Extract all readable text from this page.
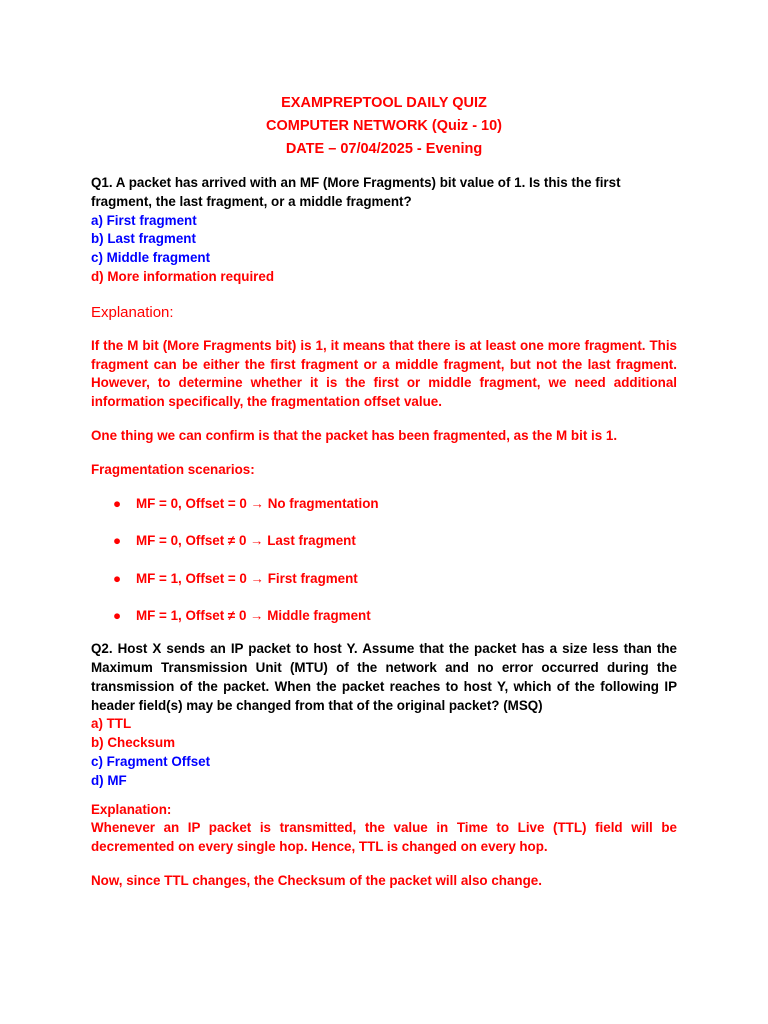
EXAMPREPTOOL DAILY QUIZ
COMPUTER NETWORK (Quiz - 10)
DATE – 07/04/2025 - Evening
Q1. A packet has arrived with an MF (More Fragments) bit value of 1. Is this the first fragment, the last fragment, or a middle fragment?
a) First fragment
b) Last fragment
c) Middle fragment
d) More information required
Explanation:
If the M bit (More Fragments bit) is 1, it means that there is at least one more fragment. This fragment can be either the first fragment or a middle fragment, but not the last fragment. However, to determine whether it is the first or middle fragment, we need additional information specifically, the fragmentation offset value.
One thing we can confirm is that the packet has been fragmented, as the M bit is 1.
Fragmentation scenarios:
● MF = 0, Offset = 0 → No fragmentation
● MF = 0, Offset ≠ 0 → Last fragment
● MF = 1, Offset = 0 → First fragment
● MF = 1, Offset ≠ 0 → Middle fragment
Q2. Host X sends an IP packet to host Y. Assume that the packet has a size less than the Maximum Transmission Unit (MTU) of the network and no error occurred during the transmission of the packet. When the packet reaches to host Y, which of the following IP header field(s) may be changed from that of the original packet? (MSQ)
a) TTL
b) Checksum
c) Fragment Offset
d) MF
Explanation:
Whenever an IP packet is transmitted, the value in Time to Live (TTL) field will be decremented on every single hop. Hence, TTL is changed on every hop.
Now, since TTL changes, the Checksum of the packet will also change.
